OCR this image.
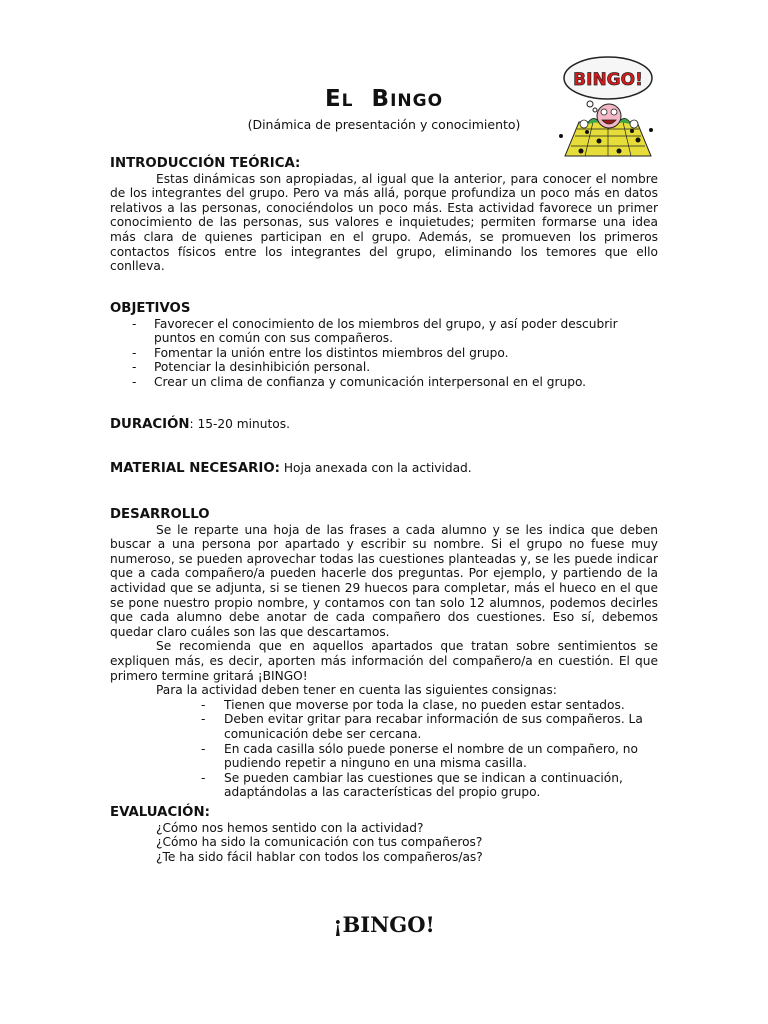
EL BINGO
(Dinámica de presentación y conocimiento)
BINGO!
INTRODUCCIÓN TEÓRICA:

Estas dinámicas son apropiadas, al igual que la anterior, para conocer el nombre de los integrantes del grupo. Pero va más allá, porque profundiza un poco más en datos relativos a las personas, conociéndolos un poco más. Esta actividad favorece un primer conocimiento de las personas, sus valores e inquietudes; permiten formarse una idea más clara de quienes participan en el grupo. Además, se promueven los primeros contactos físicos entre los integrantes del grupo, eliminando los temores que ello conlleva.

OBJETIVOS
- Favorecer el conocimiento de los miembros del grupo, y así poder descubrir puntos en común con sus compañeros.
- Fomentar la unión entre los distintos miembros del grupo.
- Potenciar la desinhibición personal.
- Crear un clima de confianza y comunicación interpersonal en el grupo.
DURACIÓN: 15-20 minutos.
MATERIAL NECESARIO: Hoja anexada con la actividad.
DESARROLLO

Se le reparte una hoja de las frases a cada alumno y se les indica que deben buscar a una persona por apartado y escribir su nombre. Si el grupo no fuese muy numeroso, se pueden aprovechar todas las cuestiones planteadas y, se les puede indicar que a cada compañero/a pueden hacerle dos preguntas. Por ejemplo, y partiendo de la actividad que se adjunta, si se tienen 29 huecos para completar, más el hueco en el que se pone nuestro propio nombre, y contamos con tan solo 12 alumnos, podemos decirles que cada alumno debe anotar de cada compañero dos cuestiones. Eso sí, debemos quedar claro cuáles son las que descartamos.

Se recomienda que en aquellos apartados que tratan sobre sentimientos se expliquen más, es decir, aporten más información del compañero/a en cuestión. El que primero termine gritará ¡BINGO!

Para la actividad deben tener en cuenta las siguientes consignas:

- Tienen que moverse por toda la clase, no pueden estar sentados.
- Deben evitar gritar para recabar información de sus compañeros. La comunicación debe ser cercana.
- En cada casilla sólo puede ponerse el nombre de un compañero, no pudiendo repetir a ninguno en una misma casilla.
- Se pueden cambiar las cuestiones que se indican a continuación, adaptándolas a las características del propio grupo.
EVALUACIÓN:
¿Cómo nos hemos sentido con la actividad?
¿Cómo ha sido la comunicación con tus compañeros?
¿Te ha sido fácil hablar con todos los compañeros/as?
¡BINGO!
